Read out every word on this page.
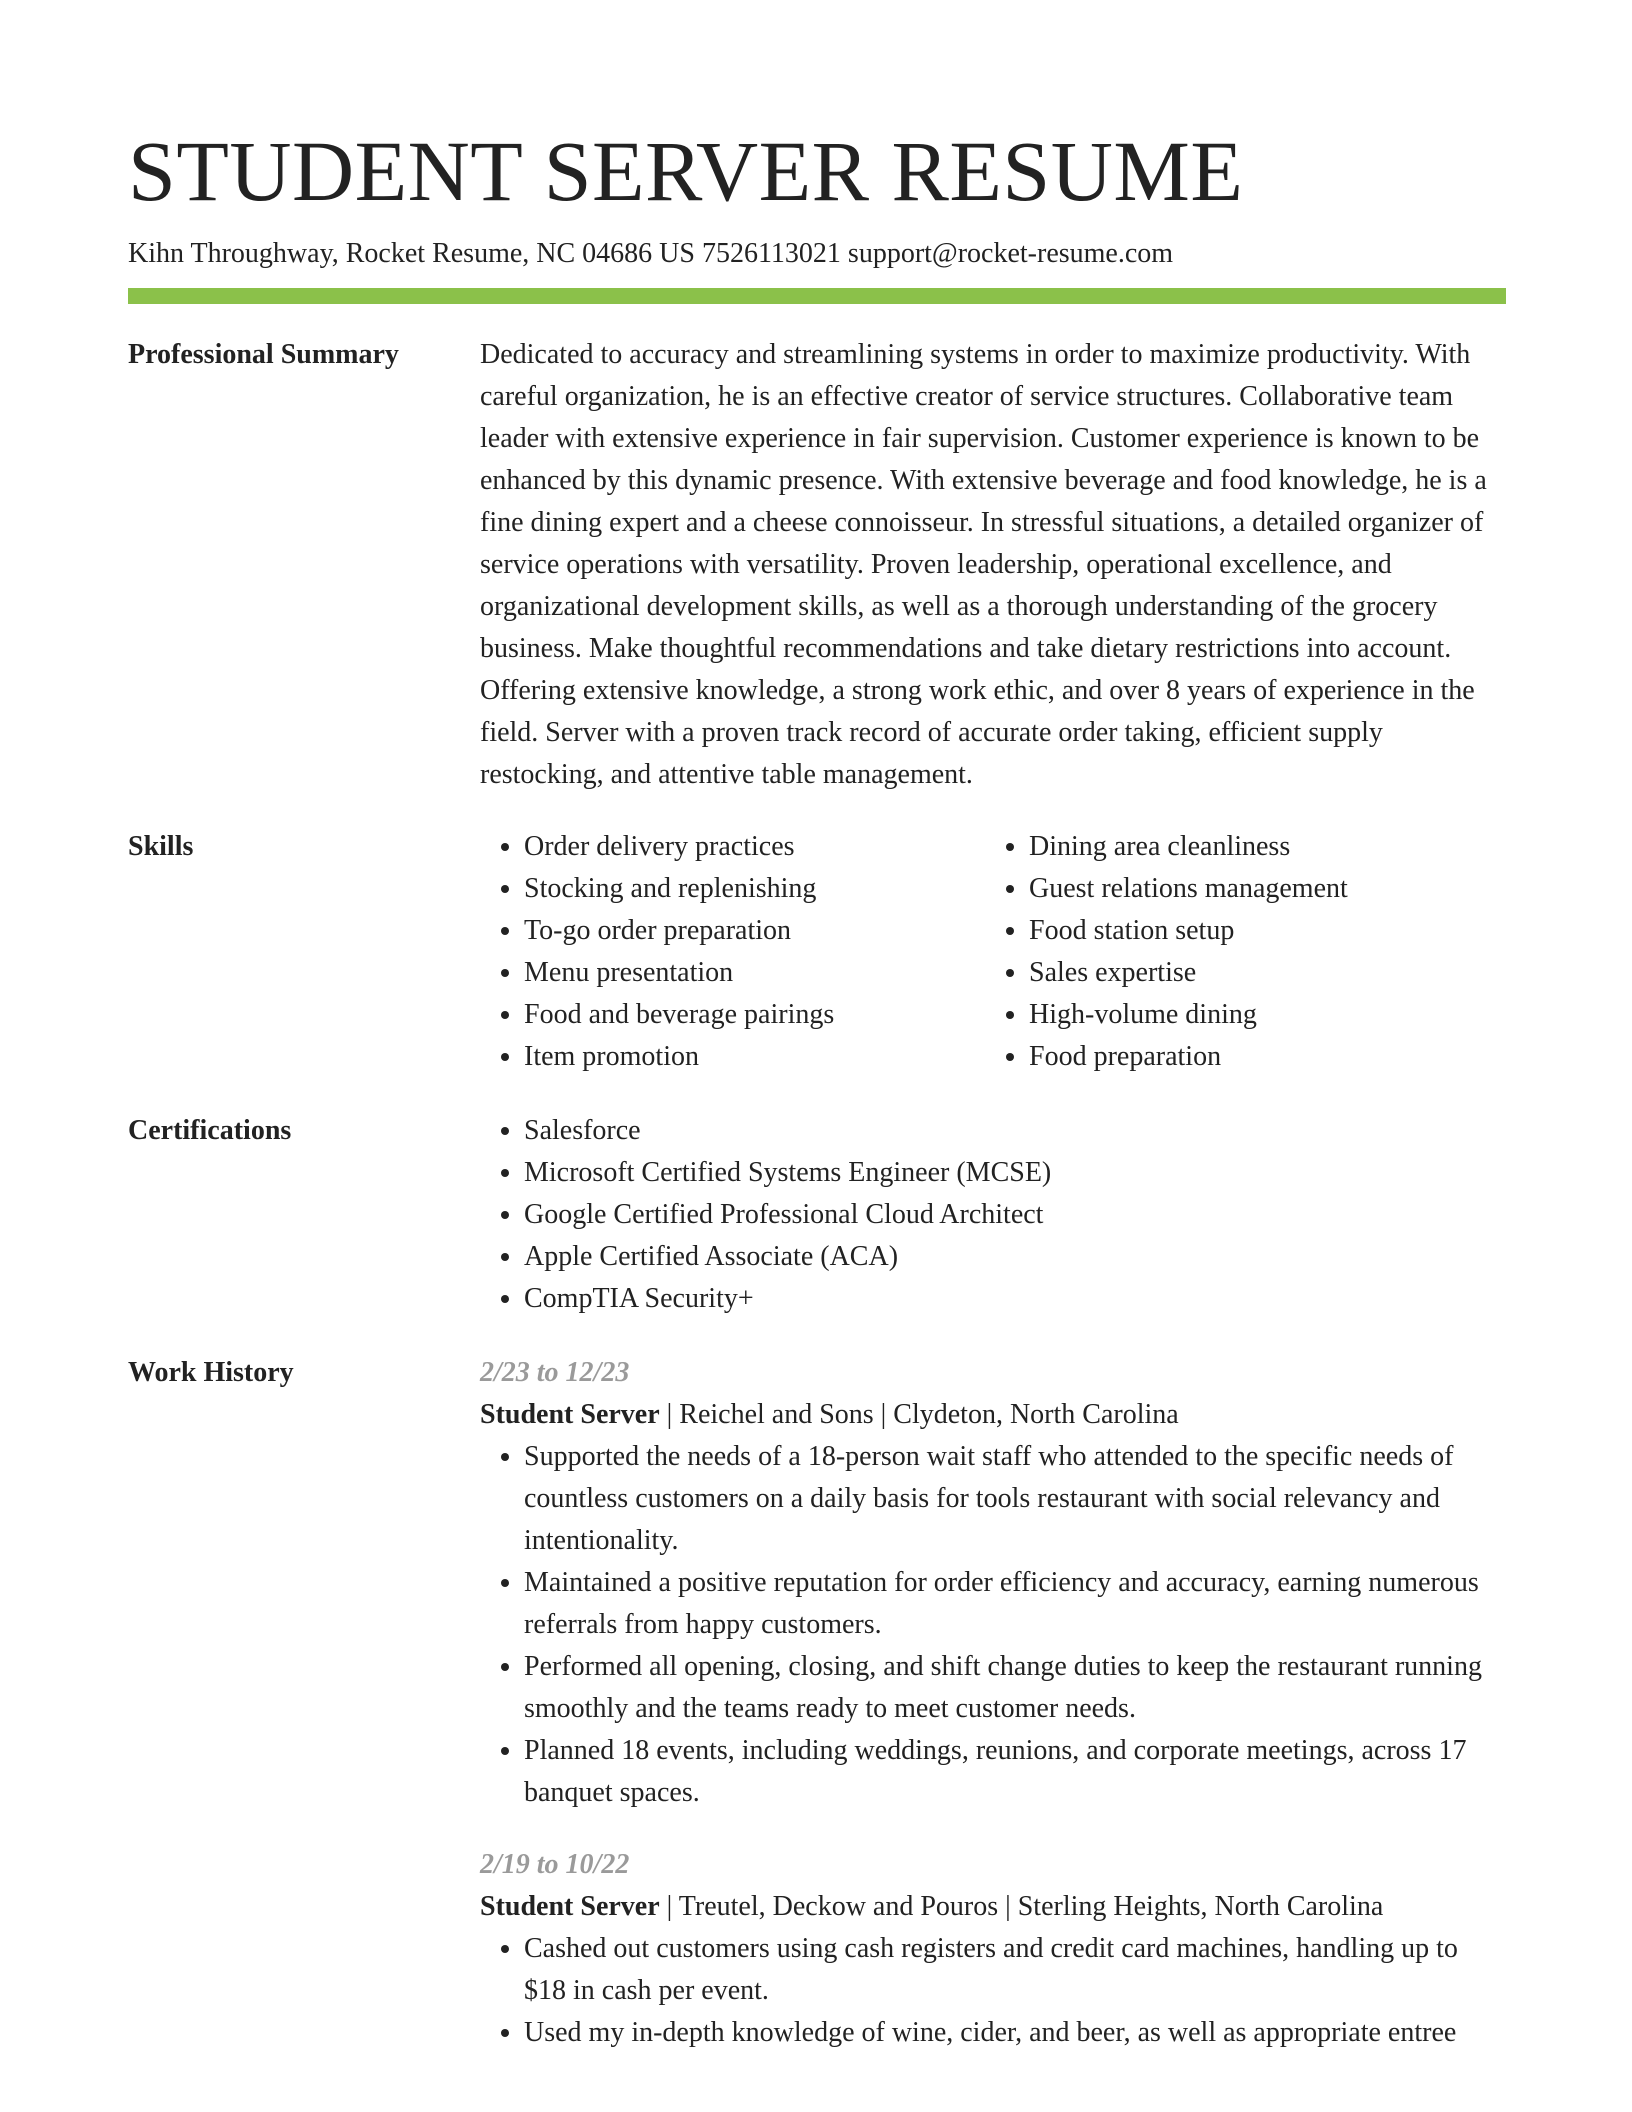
STUDENT SERVER RESUME
Kihn Throughway, Rocket Resume, NC 04686 US 7526113021 support@rocket-resume.com
Professional Summary	Dedicated to accuracy and streamlining systems in order to maximize productivity. With careful organization, he is an effective creator of service structures. Collaborative team leader with extensive experience in fair supervision. Customer experience is known to be enhanced by this dynamic presence. With extensive beverage and food knowledge, he is a fine dining expert and a cheese connoisseur. In stressful situations, a detailed organizer of service operations with versatility. Proven leadership, operational excellence, and organizational development skills, as well as a thorough understanding of the grocery business. Make thoughtful recommendations and take dietary restrictions into account. Offering extensive knowledge, a strong work ethic, and over 8 years of experience in the field. Server with a proven track record of accurate order taking, efficient supply restocking, and attentive table management.

Skills	• Order delivery practices
• Stocking and replenishing
• To-go order preparation
• Menu presentation
• Food and beverage pairings
• Item promotion
• Dining area cleanliness
• Guest relations management
• Food station setup
• Sales expertise
• High-volume dining
• Food preparation
Certifications	• Salesforce
• Microsoft Certified Systems Engineer (MCSE)
• Google Certified Professional Cloud Architect
• Apple Certified Associate (ACA)
• CompTIA Security+
Work History	2/23 to 12/23
Student Server | Reichel and Sons | Clydeton, North Carolina
• Supported the needs of a 18-person wait staff who attended to the specific needs of countless customers on a daily basis for tools restaurant with social relevancy and intentionality.
• Maintained a positive reputation for order efficiency and accuracy, earning numerous referrals from happy customers.
• Performed all opening, closing, and shift change duties to keep the restaurant running smoothly and the teams ready to meet customer needs.
• Planned 18 events, including weddings, reunions, and corporate meetings, across 17 banquet spaces.
2/19 to 10/22
Student Server | Treutel, Deckow and Pouros | Sterling Heights, North Carolina
• Cashed out customers using cash registers and credit card machines, handling up to $18 in cash per event.
• Used my in-depth knowledge of wine, cider, and beer, as well as appropriate entree
